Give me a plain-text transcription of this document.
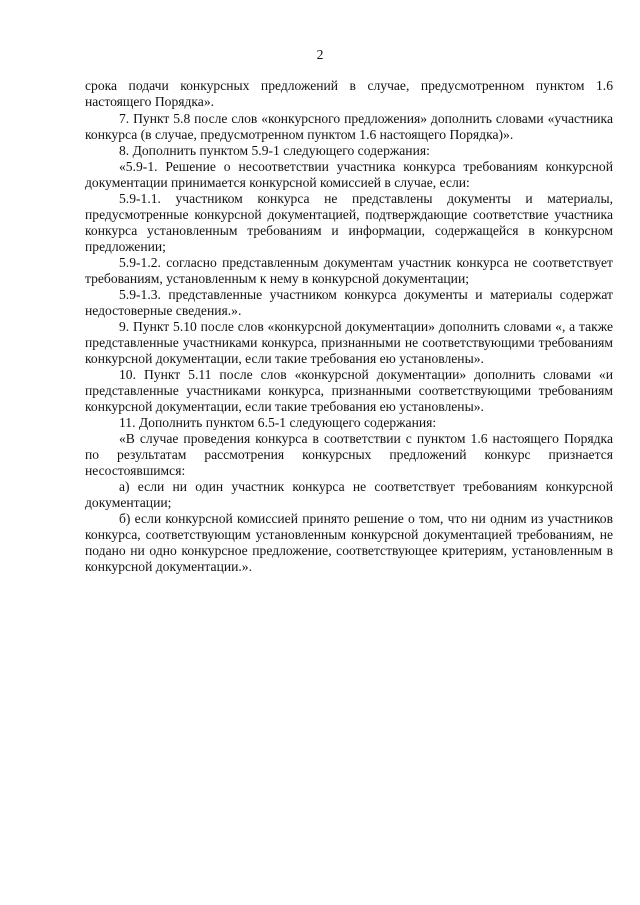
2

срока подачи конкурсных предложений в случае, предусмотренном пунктом 1.6 настоящего Порядка».

7. Пункт 5.8 после слов «конкурсного предложения» дополнить словами «участника конкурса (в случае, предусмотренном пунктом 1.6 настоящего Порядка)».

8. Дополнить пунктом 5.9-1 следующего содержания:

«5.9-1. Решение о несоответствии участника конкурса требованиям конкурсной документации принимается конкурсной комиссией в случае, если:

5.9-1.1. участником конкурса не представлены документы и материалы, предусмотренные конкурсной документацией, подтверждающие соответствие участника конкурса установленным требованиям и информации, содержащейся в конкурсном предложении;

5.9-1.2. согласно представленным документам участник конкурса не соответствует требованиям, установленным к нему в конкурсной документации;

5.9-1.3. представленные участником конкурса документы и материалы содержат недостоверные сведения.».

9. Пункт 5.10 после слов «конкурсной документации» дополнить словами «, а также представленные участниками конкурса, признанными не соответствующими требованиям конкурсной документации, если такие требования ею установлены».

10. Пункт 5.11 после слов «конкурсной документации» дополнить словами «и представленные участниками конкурса, признанными соответствующими требованиям конкурсной документации, если такие требования ею установлены».

11. Дополнить пунктом 6.5-1 следующего содержания:

«В случае проведения конкурса в соответствии с пунктом 1.6 настоящего Порядка по результатам рассмотрения конкурсных предложений конкурс признается несостоявшимся:

а) если ни один участник конкурса не соответствует требованиям конкурсной документации;

б) если конкурсной комиссией принято решение о том, что ни одним из участников конкурса, соответствующим установленным конкурсной документацией требованиям, не подано ни одно конкурсное предложение, соответствующее критериям, установленным в конкурсной документации.».
